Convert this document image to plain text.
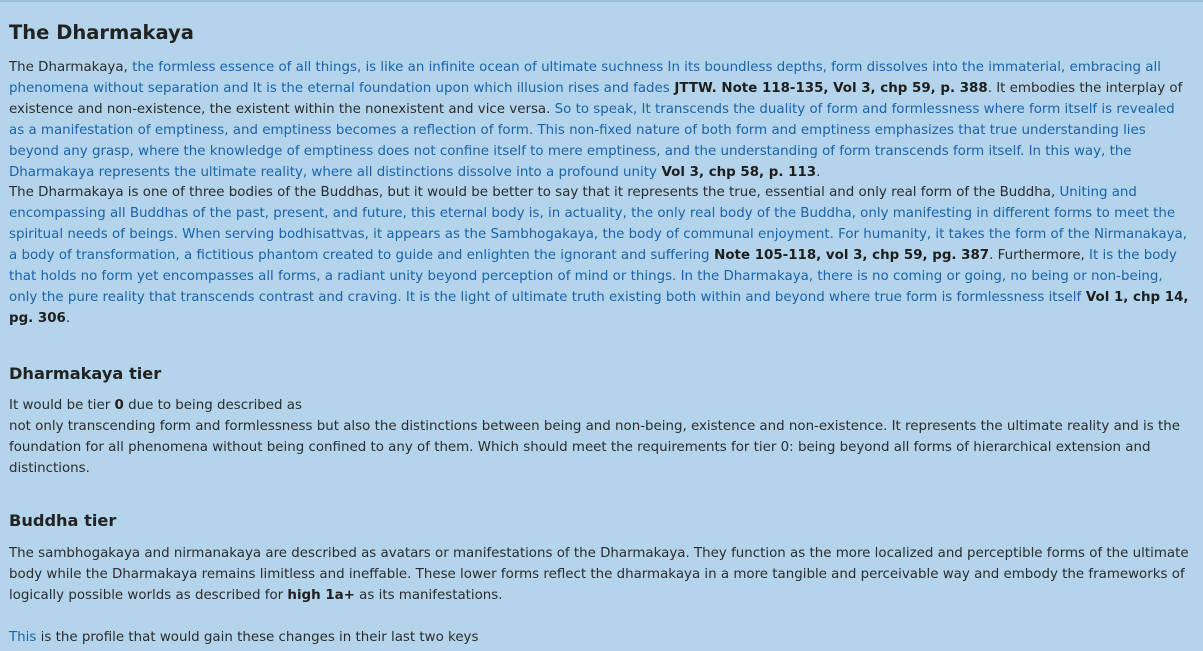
The Dharmakaya

The Dharmakaya, the formless essence of all things, is like an infinite ocean of ultimate suchness In its boundless depths, form dissolves into the immaterial, embracing all phenomena without separation and It is the eternal foundation upon which illusion rises and fades JTTW. Note 118-135, Vol 3, chp 59, p. 388. It embodies the interplay of existence and non-existence, the existent within the nonexistent and vice versa. So to speak, It transcends the duality of form and formlessness where form itself is revealed as a manifestation of emptiness, and emptiness becomes a reflection of form. This non-fixed nature of both form and emptiness emphasizes that true understanding lies beyond any grasp, where the knowledge of emptiness does not confine itself to mere emptiness, and the understanding of form transcends form itself. In this way, the Dharmakaya represents the ultimate reality, where all distinctions dissolve into a profound unity Vol 3, chp 58, p. 113.

The Dharmakaya is one of three bodies of the Buddhas, but it would be better to say that it represents the true, essential and only real form of the Buddha, Uniting and encompassing all Buddhas of the past, present, and future, this eternal body is, in actuality, the only real body of the Buddha, only manifesting in different forms to meet the spiritual needs of beings. When serving bodhisattvas, it appears as the Sambhogakaya, the body of communal enjoyment. For humanity, it takes the form of the Nirmanakaya, a body of transformation, a fictitious phantom created to guide and enlighten the ignorant and suffering Note 105-118, vol 3, chp 59, pg. 387. Furthermore, It is the body that holds no form yet encompasses all forms, a radiant unity beyond perception of mind or things. In the Dharmakaya, there is no coming or going, no being or non-being, only the pure reality that transcends contrast and craving. It is the light of ultimate truth existing both within and beyond where true form is formlessness itself Vol 1, chp 14, pg. 306.

Dharmakaya tier

It would be tier 0 due to being described as

not only transcending form and formlessness but also the distinctions between being and non-being, existence and non-existence. It represents the ultimate reality and is the foundation for all phenomena without being confined to any of them. Which should meet the requirements for tier 0: being beyond all forms of hierarchical extension and distinctions.

Buddha tier

The sambhogakaya and nirmanakaya are described as avatars or manifestations of the Dharmakaya. They function as the more localized and perceptible forms of the ultimate body while the Dharmakaya remains limitless and ineffable. These lower forms reflect the dharmakaya in a more tangible and perceivable way and embody the frameworks of logically possible worlds as described for high 1a+ as its manifestations.

This is the profile that would gain these changes in their last two keys
